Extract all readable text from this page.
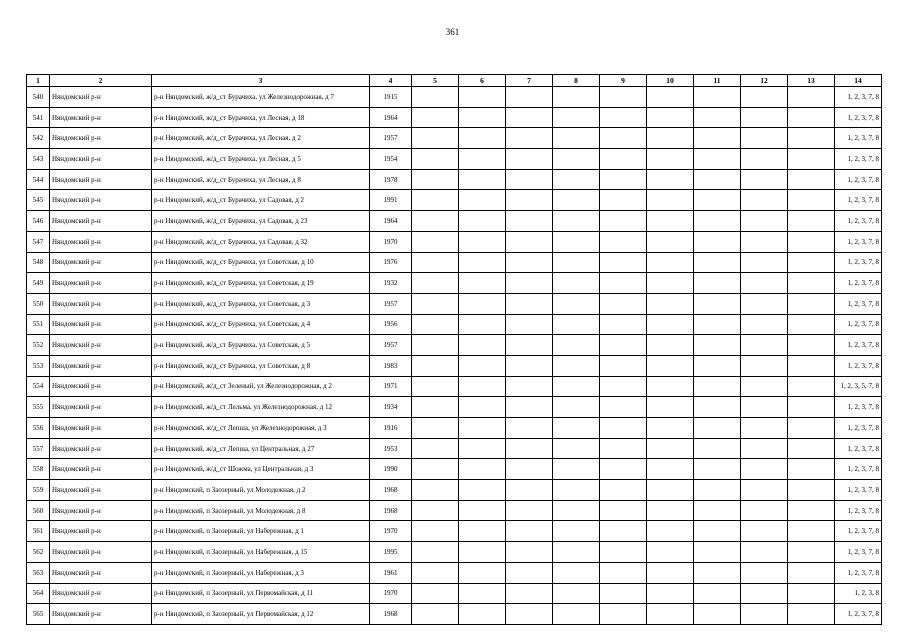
361
1	2	3	4	5	6	7	8	9	10	11	12	13	14
540	Няндомский р-н	р-н Няндомский, ж/д_ст Бурачиха, ул Железнодорожная, д 7	1915										1, 2, 3, 7, 8
541	Няндомский р-н	р-н Няндомский, ж/д_ст Бурачиха, ул Лесная, д 18	1964										1, 2, 3, 7, 8
542	Няндомский р-н	р-н Няндомский, ж/д_ст Бурачиха, ул Лесная, д 2	1957										1, 2, 3, 7, 8
543	Няндомский р-н	р-н Няндомский, ж/д_ст Бурачиха, ул Лесная, д 5	1954										1, 2, 3, 7, 8
544	Няндомский р-н	р-н Няндомский, ж/д_ст Бурачиха, ул Лесная, д 8	1978										1, 2, 3, 7, 8
545	Няндомский р-н	р-н Няндомский, ж/д_ст Бурачиха, ул Садовая, д 2	1991										1, 2, 3, 7, 8
546	Няндомский р-н	р-н Няндомский, ж/д_ст Бурачиха, ул Садовая, д 23	1964										1, 2, 3, 7, 8
547	Няндомский р-н	р-н Няндомский, ж/д_ст Бурачиха, ул Садовая, д 32	1970										1, 2, 3, 7, 8
548	Няндомский р-н	р-н Няндомский, ж/д_ст Бурачиха, ул Советская, д 10	1976										1, 2, 3, 7, 8
549	Няндомский р-н	р-н Няндомский, ж/д_ст Бурачиха, ул Советская, д 19	1932										1, 2, 3, 7, 8
550	Няндомский р-н	р-н Няндомский, ж/д_ст Бурачиха, ул Советская, д 3	1957										1, 2, 3, 7, 8
551	Няндомский р-н	р-н Няндомский, ж/д_ст Бурачиха, ул Советская, д 4	1956										1, 2, 3, 7, 8
552	Няндомский р-н	р-н Няндомский, ж/д_ст Бурачиха, ул Советская, д 5	1957										1, 2, 3, 7, 8
553	Няндомский р-н	р-н Няндомский, ж/д_ст Бурачиха, ул Советская, д 8	1983										1, 2, 3, 7, 8
554	Няндомский р-н	р-н Няндомский, ж/д_ст Зеленый, ул Железнодорожная, д 2	1971										1, 2, 3, 5, 7, 8
555	Няндомский р-н	р-н Няндомский, ж/д_ст Лельма, ул Железнодорожная, д 12	1934										1, 2, 3, 7, 8
556	Няндомский р-н	р-н Няндомский, ж/д_ст Лепша, ул Железнодорожная, д 3	1916										1, 2, 3, 7, 8
557	Няндомский р-н	р-н Няндомский, ж/д_ст Лепша, ул Центральная, д 27	1953										1, 2, 3, 7, 8
558	Няндомский р-н	р-н Няндомский, ж/д_ст Шожма, ул Центральная, д 3	1990										1, 2, 3, 7, 8
559	Няндомский р-н	р-н Няндомский, п Заозерный, ул Молодежная, д 2	1968										1, 2, 3, 7, 8
560	Няндомский р-н	р-н Няндомский, п Заозерный, ул Молодежная, д 8	1968										1, 2, 3, 7, 8
561	Няндомский р-н	р-н Няндомский, п Заозерный, ул Набережная, д 1	1970										1, 2, 3, 7, 8
562	Няндомский р-н	р-н Няндомский, п Заозерный, ул Набережная, д 15	1995										1, 2, 3, 7, 8
563	Няндомский р-н	р-н Няндомский, п Заозерный, ул Набережная, д 3	1961										1, 2, 3, 7, 8
564	Няндомский р-н	р-н Няндомский, п Заозерный, ул Первомайская, д 11	1970										1, 2, 3, 8
565	Няндомский р-н	р-н Няндомский, п Заозерный, ул Первомайская, д 12	1968										1, 2, 3, 7, 8
